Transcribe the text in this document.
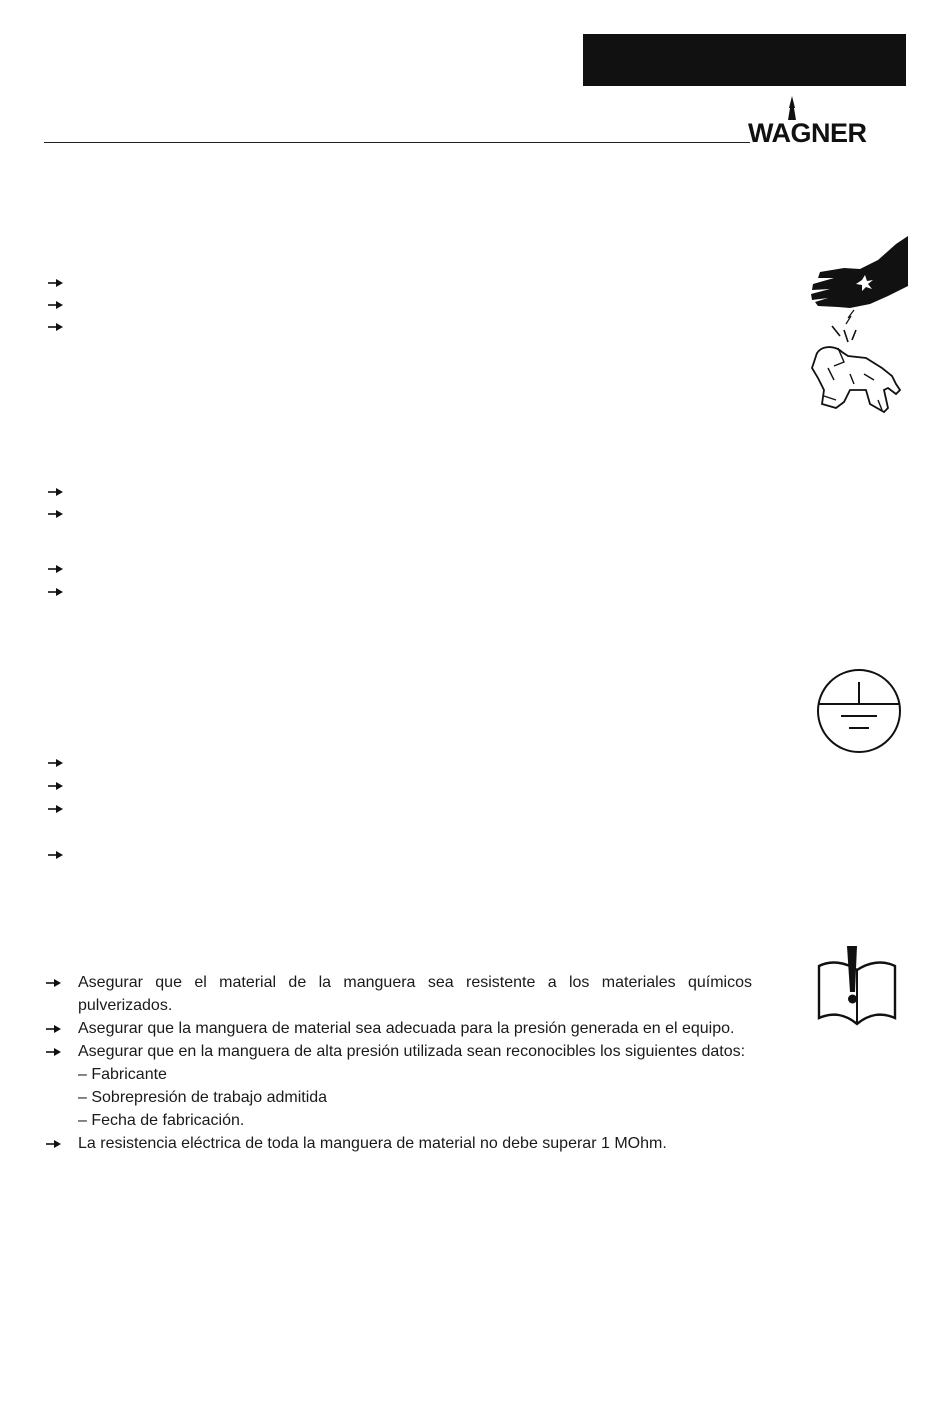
WAGNER
Asegurar que el material de la manguera sea resistente a los materiales químicos pulverizados.
Asegurar que la manguera de material sea adecuada para la presión generada en el equipo.
Asegurar que en la manguera de alta presión utilizada sean reconocibles los siguientes datos:
– Fabricante
– Sobrepresión de trabajo admitida
– Fecha de fabricación.
La resistencia eléctrica de toda la manguera de material no debe superar 1 MOhm.
